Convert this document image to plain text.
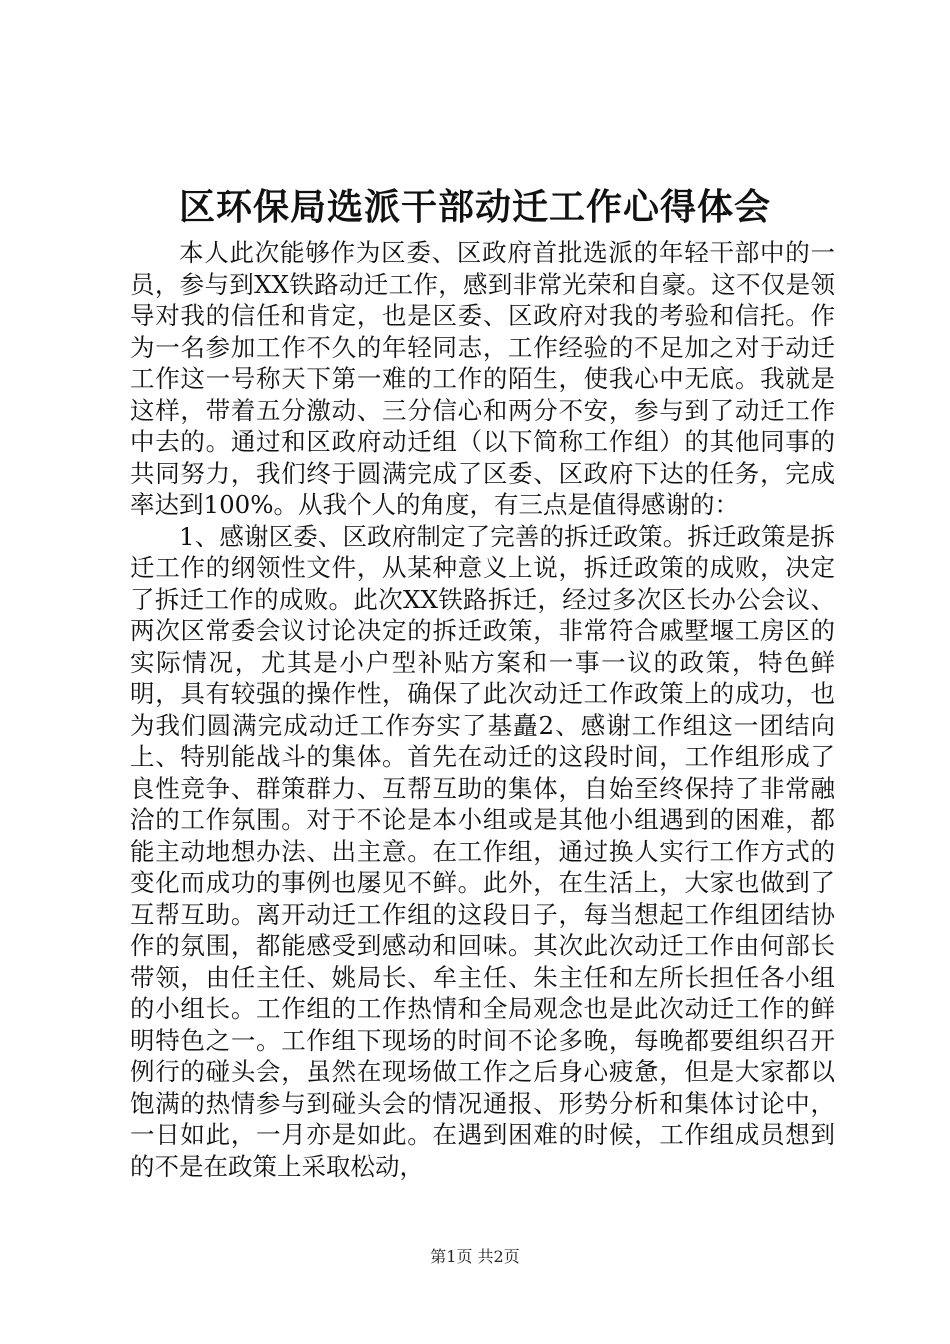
区环保局选派干部动迁工作心得体会

本人此次能够作为区委、区政府首批选派的年轻干部中的一员，参与到XX铁路动迁工作，感到非常光荣和自豪。这不仅是领导对我的信任和肯定，也是区委、区政府对我的考验和信托。作为一名参加工作不久的年轻同志，工作经验的不足加之对于动迁工作这一号称天下第一难的工作的陌生，使我心中无底。我就是这样，带着五分激动、三分信心和两分不安，参与到了动迁工作中去的。通过和区政府动迁组（以下简称工作组）的其他同事的共同努力，我们终于圆满完成了区委、区政府下达的任务，完成率达到100%。从我个人的角度，有三点是值得感谢的：

1、感谢区委、区政府制定了完善的拆迁政策。拆迁政策是拆迁工作的纲领性文件，从某种意义上说，拆迁政策的成败，决定了拆迁工作的成败。此次XX铁路拆迁，经过多次区长办公会议、两次区常委会议讨论决定的拆迁政策，非常符合戚墅堰工房区的实际情况，尤其是小户型补贴方案和一事一议的政策，特色鲜明，具有较强的操作性，确保了此次动迁工作政策上的成功，也为我们圆满完成动迁工作夯实了基矗2、感谢工作组这一团结向上、特别能战斗的集体。首先在动迁的这段时间，工作组形成了良性竞争、群策群力、互帮互助的集体，自始至终保持了非常融洽的工作氛围。对于不论是本小组或是其他小组遇到的困难，都能主动地想办法、出主意。在工作组，通过换人实行工作方式的变化而成功的事例也屡见不鲜。此外，在生活上，大家也做到了互帮互助。离开动迁工作组的这段日子，每当想起工作组团结协作的氛围，都能感受到感动和回味。其次此次动迁工作由何部长带领，由任主任、姚局长、牟主任、朱主任和左所长担任各小组的小组长。工作组的工作热情和全局观念也是此次动迁工作的鲜明特色之一。工作组下现场的时间不论多晚，每晚都要组织召开例行的碰头会，虽然在现场做工作之后身心疲惫，但是大家都以饱满的热情参与到碰头会的情况通报、形势分析和集体讨论中，一日如此，一月亦是如此。在遇到困难的时候，工作组成员想到的不是在政策上采取松动，

第1页 共2页
